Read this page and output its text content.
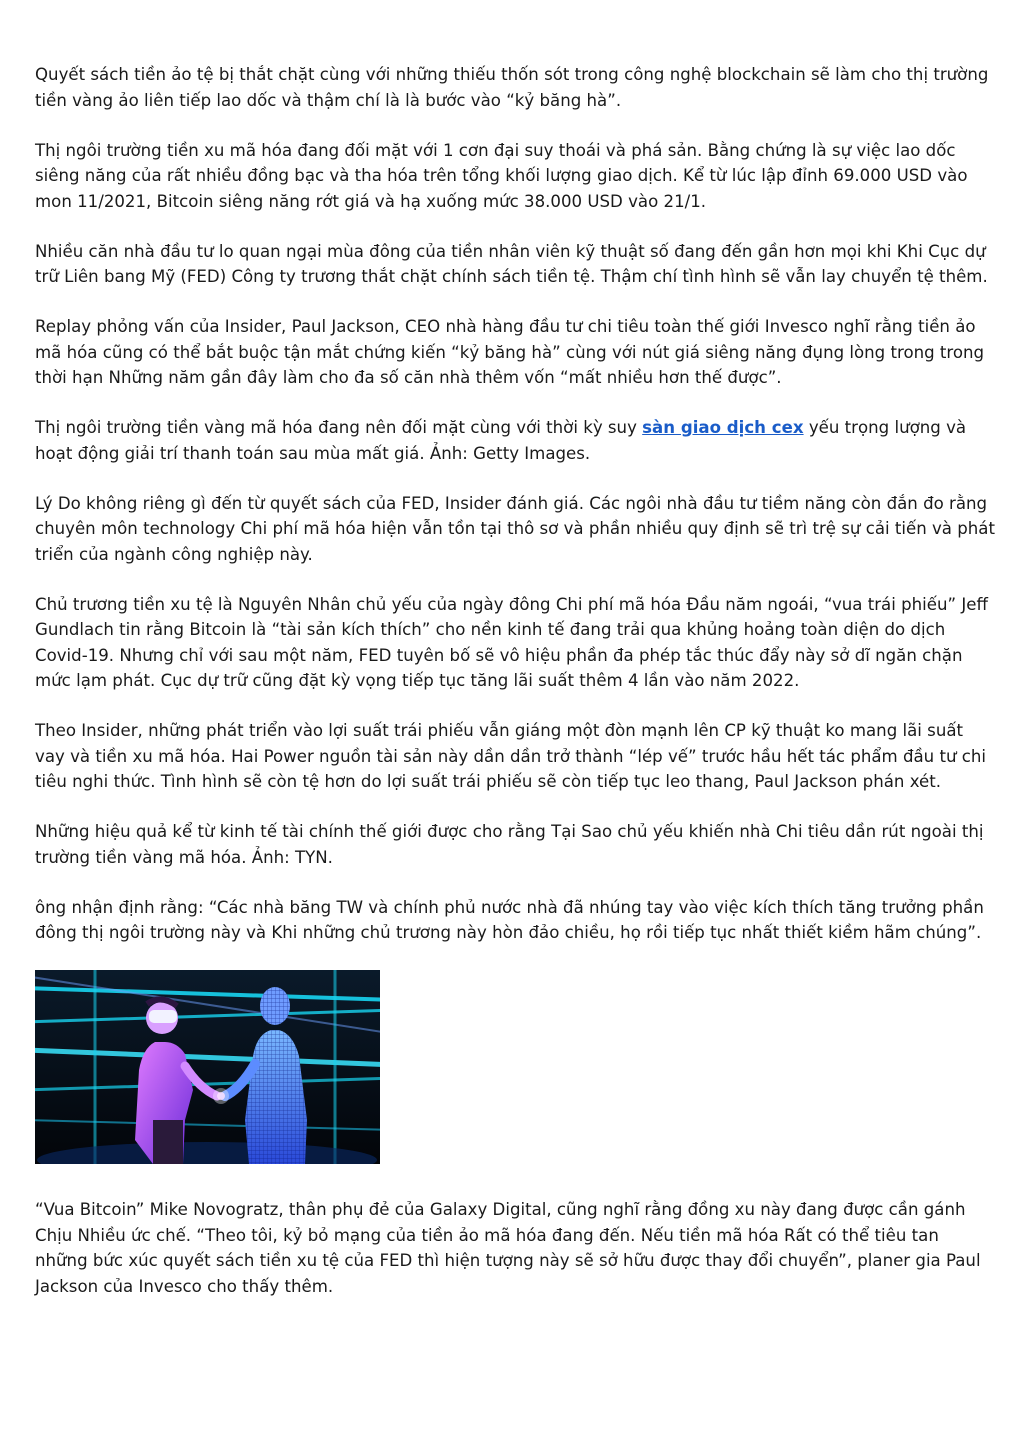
Quyết sách tiền ảo tệ bị thắt chặt cùng với những thiếu thốn sót trong công nghệ blockchain sẽ làm cho thị trường tiền vàng ảo liên tiếp lao dốc và thậm chí là là bước vào “kỷ băng hà”.

Thị ngôi trường tiền xu mã hóa đang đối mặt với 1 cơn đại suy thoái và phá sản. Bằng chứng là sự việc lao dốc siêng năng của rất nhiều đồng bạc và tha hóa trên tổng khối lượng giao dịch. Kể từ lúc lập đỉnh 69.000 USD vào mon 11/2021, Bitcoin siêng năng rớt giá và hạ xuống mức 38.000 USD vào 21/1.

Nhiều căn nhà đầu tư lo quan ngại mùa đông của tiền nhân viên kỹ thuật số đang đến gần hơn mọi khi Khi Cục dự trữ Liên bang Mỹ (FED) Công ty trương thắt chặt chính sách tiền tệ. Thậm chí tình hình sẽ vẫn lay chuyển tệ thêm.

Replay phỏng vấn của Insider, Paul Jackson, CEO nhà hàng đầu tư chi tiêu toàn thế giới Invesco nghĩ rằng tiền ảo mã hóa cũng có thể bắt buộc tận mắt chứng kiến “kỷ băng hà” cùng với nút giá siêng năng đụng lòng trong trong thời hạn Những năm gần đây làm cho đa số căn nhà thêm vốn “mất nhiều hơn thế được”.

Thị ngôi trường tiền vàng mã hóa đang nên đối mặt cùng với thời kỳ suy sàn giao dịch cex yếu trọng lượng và hoạt động giải trí thanh toán sau mùa mất giá. Ảnh: Getty Images.

Lý Do không riêng gì đến từ quyết sách của FED, Insider đánh giá. Các ngôi nhà đầu tư tiềm năng còn đắn đo rằng chuyên môn technology Chi phí mã hóa hiện vẫn tồn tại thô sơ và phần nhiều quy định sẽ trì trệ sự cải tiến và phát triển của ngành công nghiệp này.

Chủ trương tiền xu tệ là Nguyên Nhân chủ yếu của ngày đông Chi phí mã hóa Đầu năm ngoái, “vua trái phiếu” Jeff Gundlach tin rằng Bitcoin là “tài sản kích thích” cho nền kinh tế đang trải qua khủng hoảng toàn diện do dịch Covid-19. Nhưng chỉ với sau một năm, FED tuyên bố sẽ vô hiệu phần đa phép tắc thúc đẩy này sở dĩ ngăn chặn mức lạm phát. Cục dự trữ cũng đặt kỳ vọng tiếp tục tăng lãi suất thêm 4 lần vào năm 2022.

Theo Insider, những phát triển vào lợi suất trái phiếu vẫn giáng một đòn mạnh lên CP kỹ thuật ko mang lãi suất vay và tiền xu mã hóa. Hai Power nguồn tài sản này dần dần trở thành “lép vế” trước hầu hết tác phẩm đầu tư chi tiêu nghi thức. Tình hình sẽ còn tệ hơn do lợi suất trái phiếu sẽ còn tiếp tục leo thang, Paul Jackson phán xét.

Những hiệu quả kể từ kinh tế tài chính thế giới được cho rằng Tại Sao chủ yếu khiến nhà Chi tiêu dần rút ngoài thị trường tiền vàng mã hóa. Ảnh: TYN.

ông nhận định rằng: “Các nhà băng TW và chính phủ nước nhà đã nhúng tay vào việc kích thích tăng trưởng phần đông thị ngôi trường này và Khi những chủ trương này hòn đảo chiều, họ rồi tiếp tục nhất thiết kiềm hãm chúng”.

“Vua Bitcoin” Mike Novogratz, thân phụ đẻ của Galaxy Digital, cũng nghĩ rằng đồng xu này đang được cần gánh Chịu Nhiều ức chế. “Theo tôi, kỷ bỏ mạng của tiền ảo mã hóa đang đến. Nếu tiền mã hóa Rất có thể tiêu tan những bức xúc quyết sách tiền xu tệ của FED thì hiện tượng này sẽ sở hữu được thay đổi chuyển”, planer gia Paul Jackson của Invesco cho thấy thêm.
